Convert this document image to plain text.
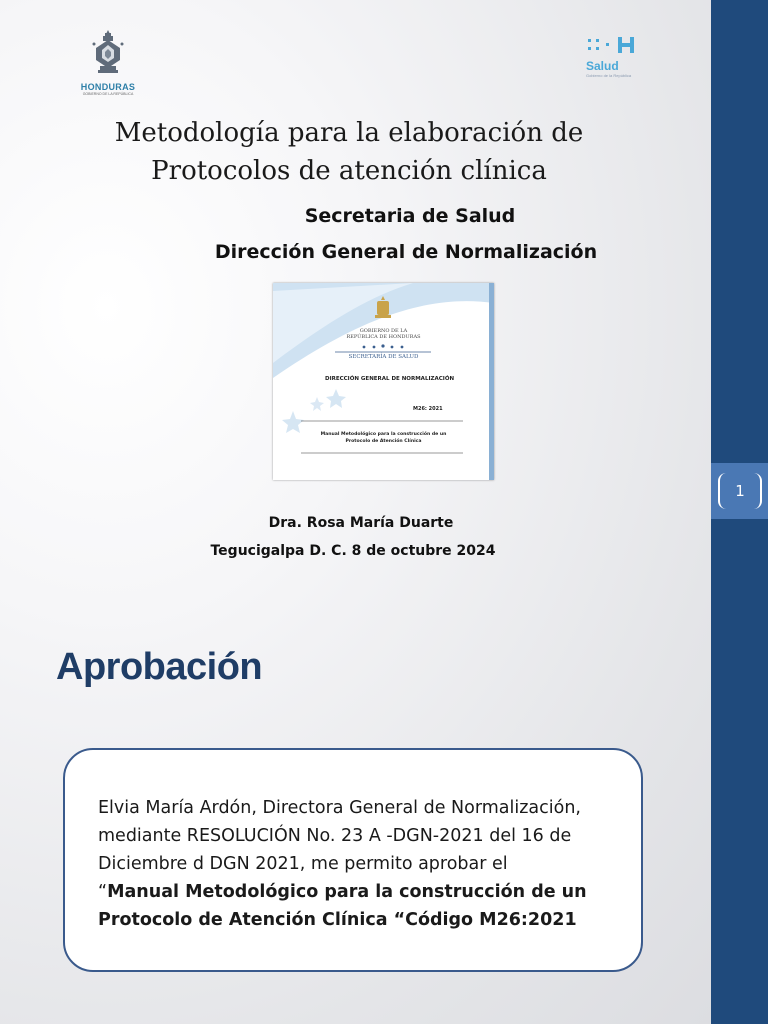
1
HONDURAS
GOBIERNO DE LA REPÚBLICA
Salud
Gobierno de la República
Metodología para la elaboración de
Protocolos de atención clínica
Secretaria de Salud
Dirección General de Normalización
GOBIERNO DE LA
REPÚBLICA DE HONDURAS
SECRETARÍA DE SALUD
DIRECCIÓN GENERAL DE NORMALIZACIÓN
M26: 2021
Manual Metodológico para la construcción de un
Protocolo de Atención Clínica
Dra. Rosa María Duarte
Tegucigalpa D. C. 8 de octubre 2024
Aprobación
Elvia María Ardón, Directora General de Normalización,
mediante RESOLUCIÓN No. 23 A -DGN-2021 del 16 de
Diciembre d DGN 2021, me permito aprobar el
“Manual Metodológico para la construcción de un
Protocolo de Atención Clínica “Código M26:2021
